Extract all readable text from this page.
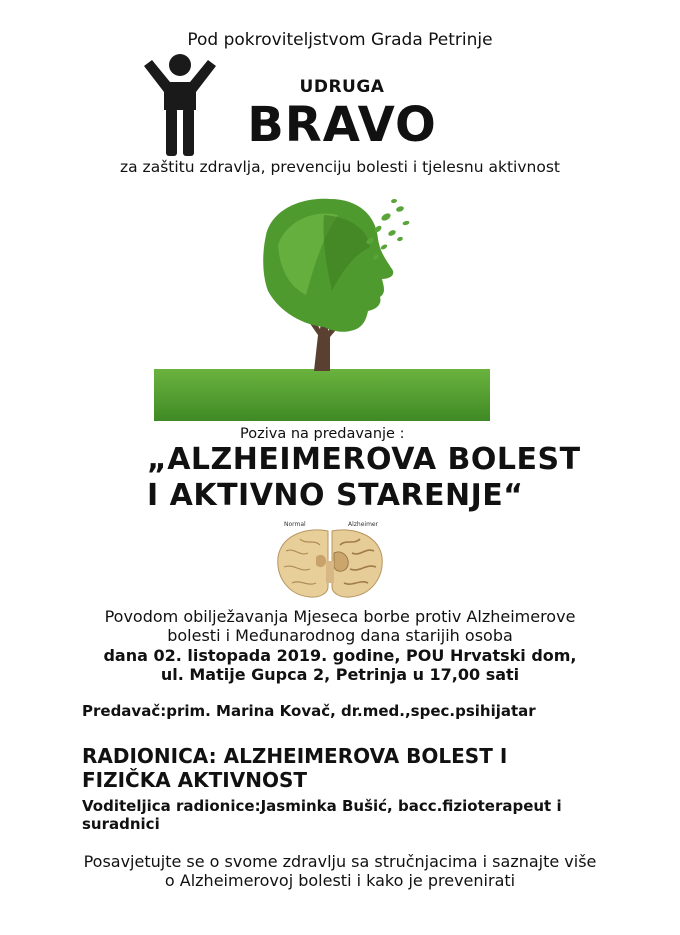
Pod pokroviteljstvom Grada Petrinje
UDRUGA
BRAVO
za zaštitu zdravlja, prevenciju bolesti i tjelesnu aktivnost
Poziva na predavanje :
„ALZHEIMEROVA BOLEST
I AKTIVNO STARENJE“
Normal	Alzheimer
Povodom obilježavanja Mjeseca borbe protiv Alzheimerove
bolesti i Međunarodnog dana starijih osoba
dana 02. listopada 2019. godine, POU Hrvatski dom,
ul. Matije Gupca 2, Petrinja u 17,00 sati
Predavač:prim. Marina Kovač, dr.med.,spec.psihijatar
RADIONICA: ALZHEIMEROVA BOLEST I
FIZIČKA AKTIVNOST
Voditeljica radionice:Jasminka Bušić, bacc.fizioterapeut i
suradnici
Posavjetujte se o svome zdravlju sa stručnjacima i saznajte više
o Alzheimerovoj bolesti i kako je prevenirati
